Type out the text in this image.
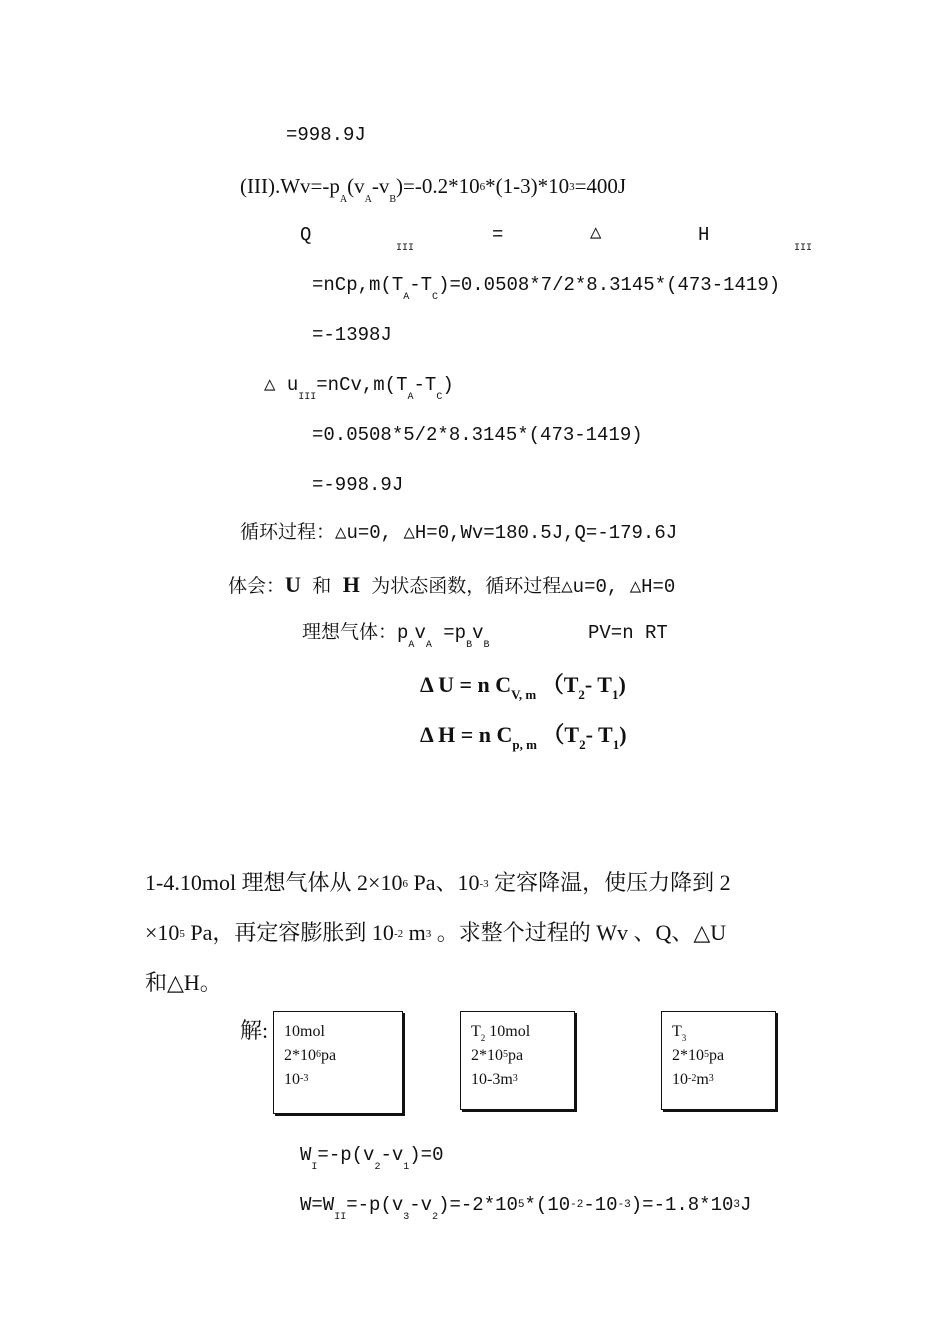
=998.9J
$(III).Wv=-p_A(v_A-v_B)=-0.2*10^6*(1-3)*10^3=400J$
Q
III
=	△	H
III
$=nCp,m(T_A-T_C)=0.0508*7/2*8.3145*(473-1419)$
=-1398J
△ $u_{III}=nCv,m(T_A-T_C)$
=0.0508*5/2*8.3145*(473-1419)
=-998.9J
循环过程：△u=0, △H=0,Wv=180.5J,Q=-179.6J
体会：U 和 H 为状态函数，循环过程△u=0, △H=0
理想气体：$p_Av_A =p_Bv_B$
PV=n RT
Δ U = n $C_{V, m}$ （$T_2-$ $T_1$)
Δ H = n $C_{p, m}$ （$T_2-$ $T_1$)
1-4.10mol 理想气体从 $2\times 10^6$ Pa、$10^{-3}$ 定容降温，使压力降到 2
$\times 10^5$ Pa，再定容膨胀到 $10^{-2}$ $m^3$ 。求整个过程的 Wv 、Q、△U
和△H。
解: 10mol
$2*10^6pa$
$10^{-3}$
$T_2$ 10mol
$2*10^5pa$
$10-3m^3$
$T_3$
$2*10^5pa$
$10^{-2}m^3$
$W_I=-p(v_2-v_1)=0$
$W=W_{II}=-p(v_3-v_2)=-2*10^5*(10^{-2}-10^{-3})=-1.8*10^3J$
